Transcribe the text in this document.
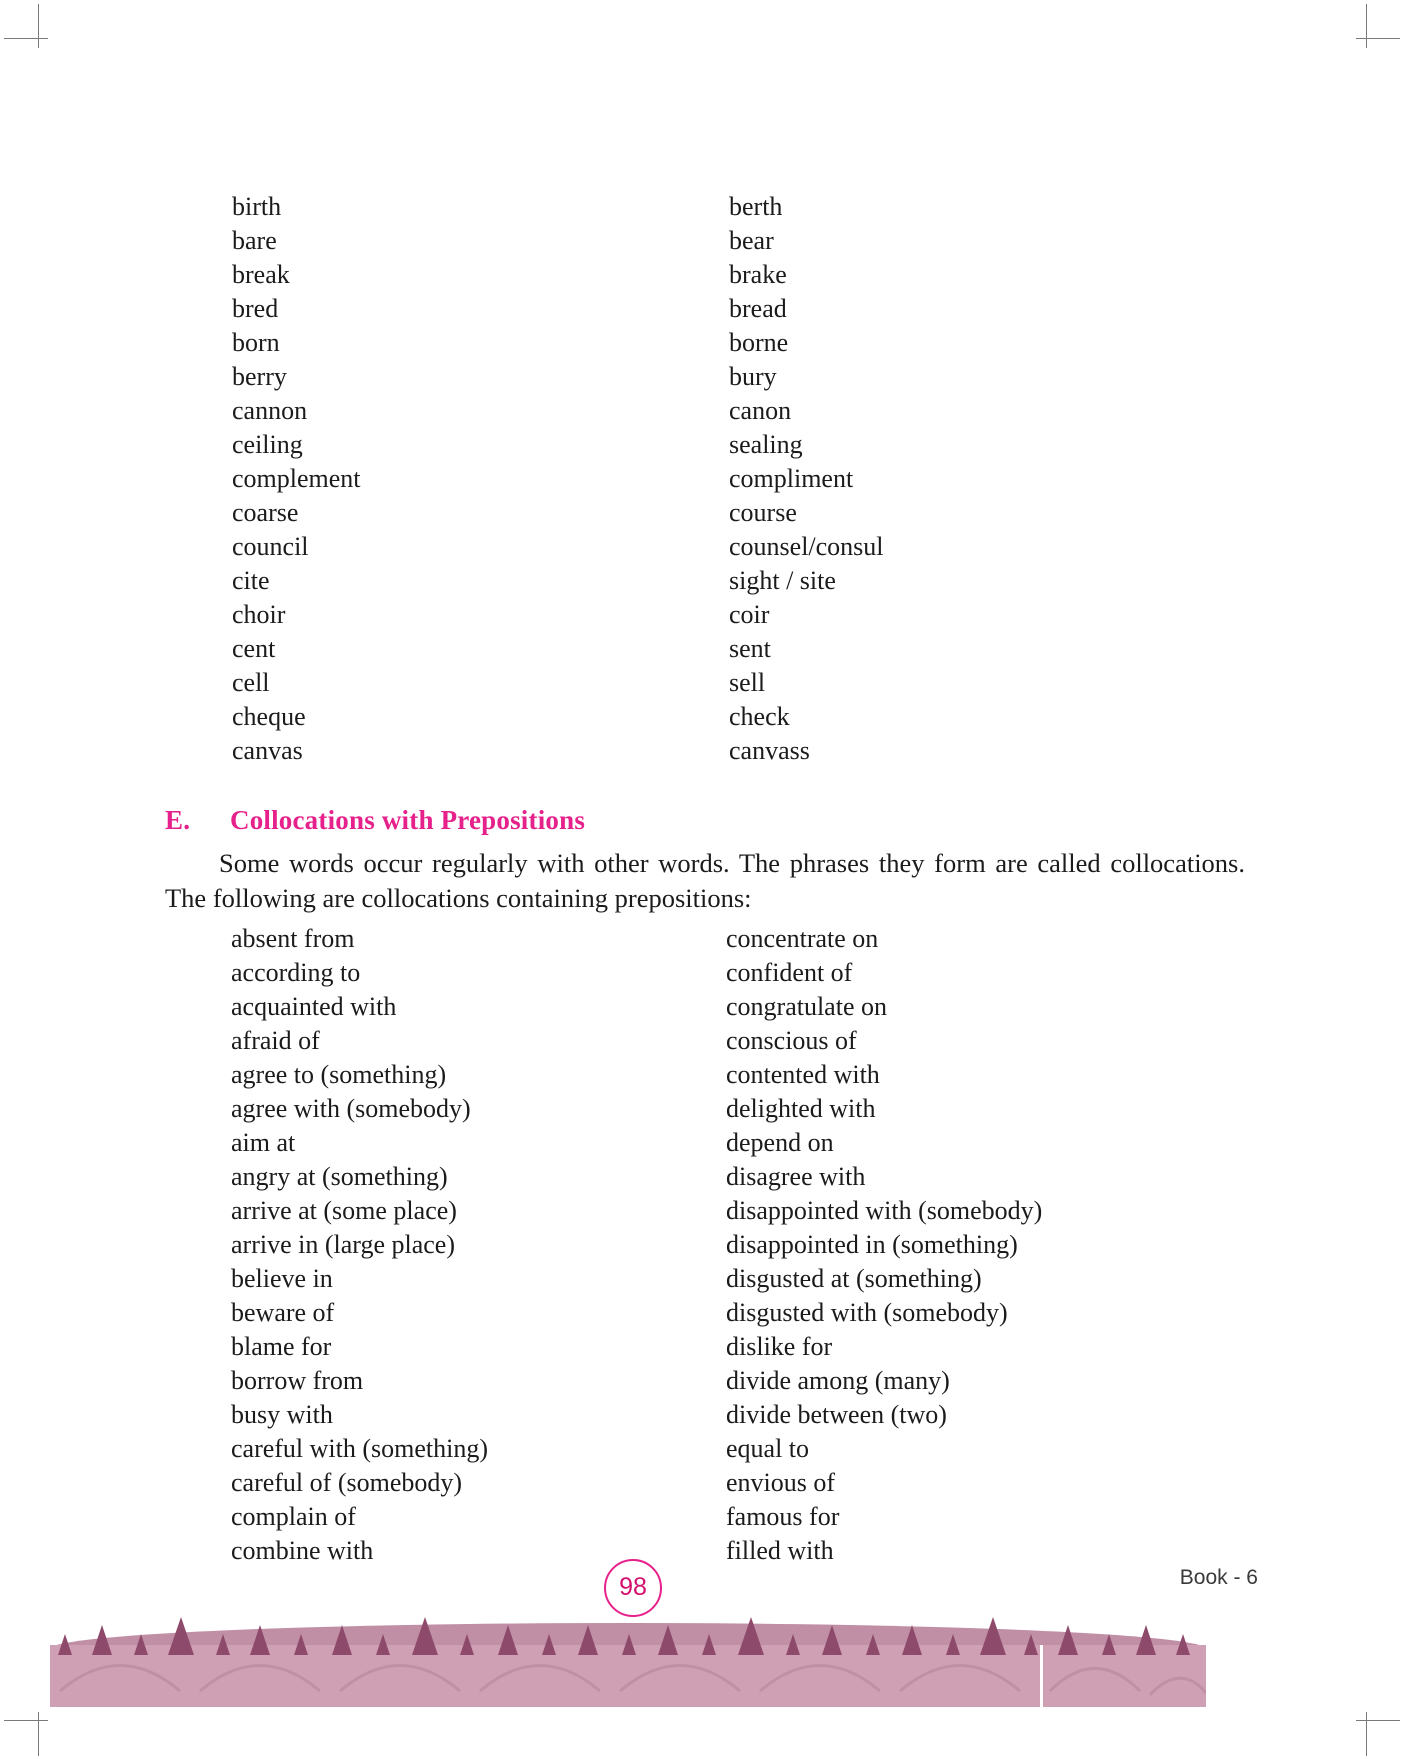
birth	berth
bare	bear
break	brake
bred	bread
born	borne
berry	bury
cannon	canon
ceiling	sealing
complement	compliment
coarse	course
council	counsel/consul
cite	sight / site
choir	coir
cent	sent
cell	sell
cheque	check
canvas	canvass
E.	Collocations with Prepositions
Some words occur regularly with other words. The phrases they form are called collocations. The following are collocations containing prepositions:
absent from	concentrate on
according to	confident of
acquainted with	congratulate on
afraid of	conscious of
agree to (something)	contented with
agree with (somebody)	delighted with
aim at	depend on
angry at (something)	disagree with
arrive at (some place)	disappointed with (somebody)
arrive in (large place)	disappointed in (something)
believe in	disgusted at (something)
beware of	disgusted with (somebody)
blame for	dislike for
borrow from	divide among (many)
busy with	divide between (two)
careful with (something)	equal to
careful of (somebody)	envious of
complain of	famous for
combine with	filled with
98	Book - 6
